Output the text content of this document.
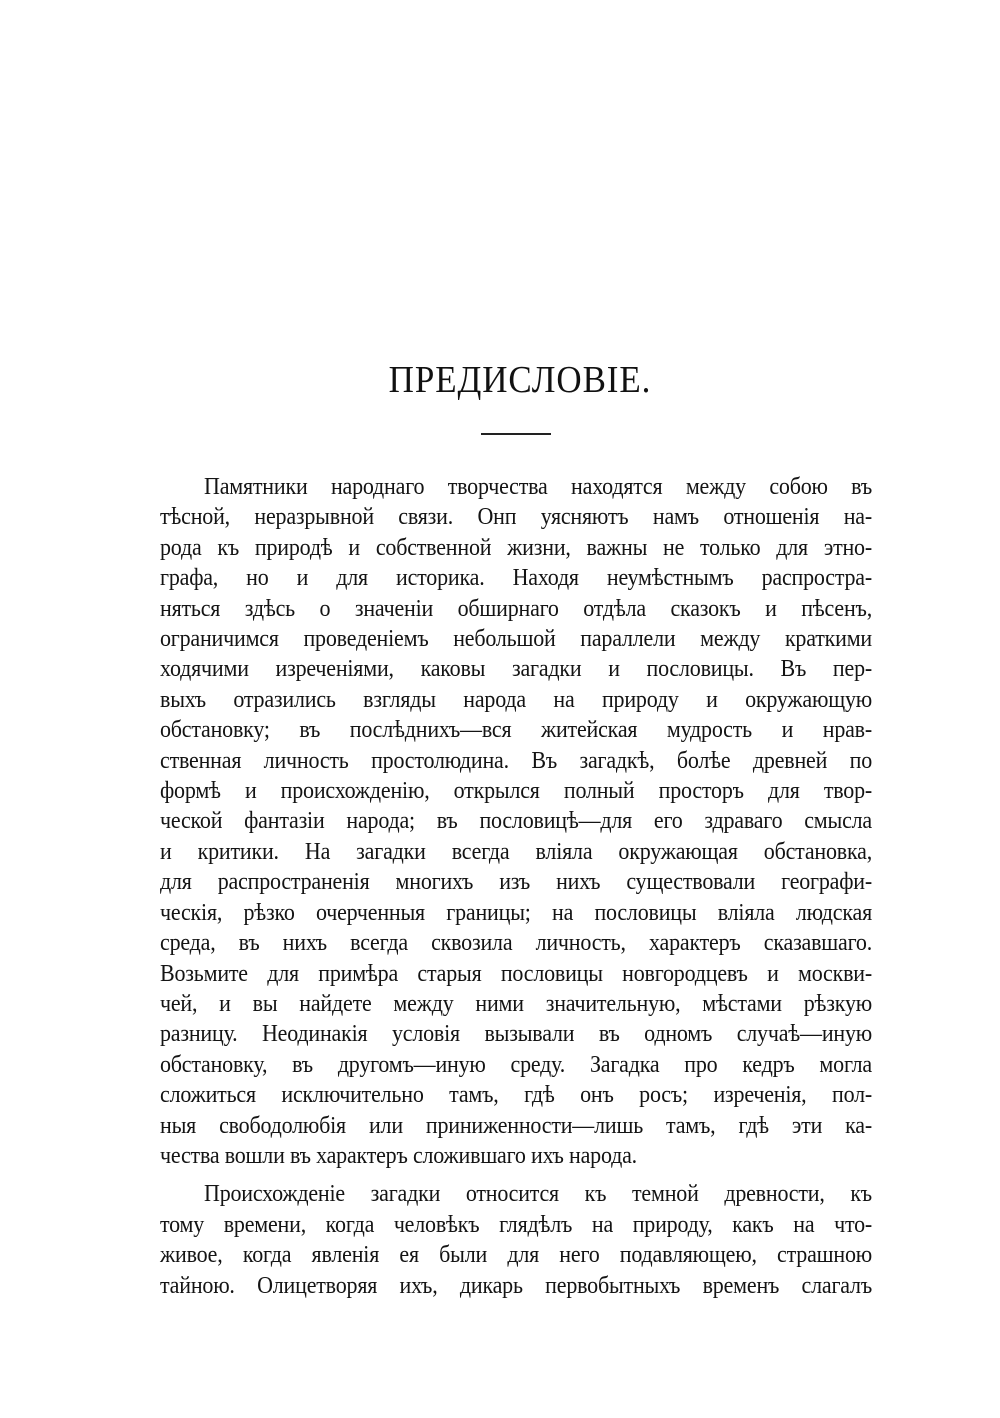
ПРЕДИСЛОВІЕ.
Памятники народнаго творчества находятся между собою въ
тѣсной, неразрывной связи. Онп уясняютъ намъ отношенія на-
рода къ природѣ и собственной жизни, важны не только для этно-
графа, но и для историка. Находя неумѣстнымъ распростра-
няться здѣсь о значеніи обширнаго отдѣла сказокъ и пѣсенъ,
ограничимся проведеніемъ небольшой параллели между краткими
ходячими изреченіями, каковы загадки и пословицы. Въ пер-
выхъ отразились взгляды народа на природу и окружающую
обстановку; въ послѣднихъ—вся житейская мудрость и нрав-
ственная личность простолюдина. Въ загадкѣ, болѣе древней по
формѣ и происхожденію, открылся полный просторъ для твор-
ческой фантазіи народа; въ пословицѣ—для его здраваго смысла
и критики. На загадки всегда вліяла окружающая обстановка,
для распространенія многихъ изъ нихъ существовали географи-
ческія, рѣзко очерченныя границы; на пословицы вліяла людская
среда, въ нихъ всегда сквозила личность, характеръ сказавшаго.
Возьмите для примѣра старыя пословицы новгородцевъ и москви-
чей, и вы найдете между ними значительную, мѣстами рѣзкую
разницу. Неодинакія условія вызывали въ одномъ случаѣ—иную
обстановку, въ другомъ—иную среду. Загадка про кедръ могла
сложиться исключительно тамъ, гдѣ онъ росъ; изреченія, пол-
ныя свободолюбія или приниженности—лишь тамъ, гдѣ эти ка-
чества вошли въ характеръ сложившаго ихъ народа.
Происхожденіе загадки относится къ темной древности, къ
тому времени, когда человѣкъ глядѣлъ на природу, какъ на что-
живое, когда явленія ея были для него подавляющею, страшною
тайною. Олицетворяя ихъ, дикарь первобытныхъ временъ слагалъ
